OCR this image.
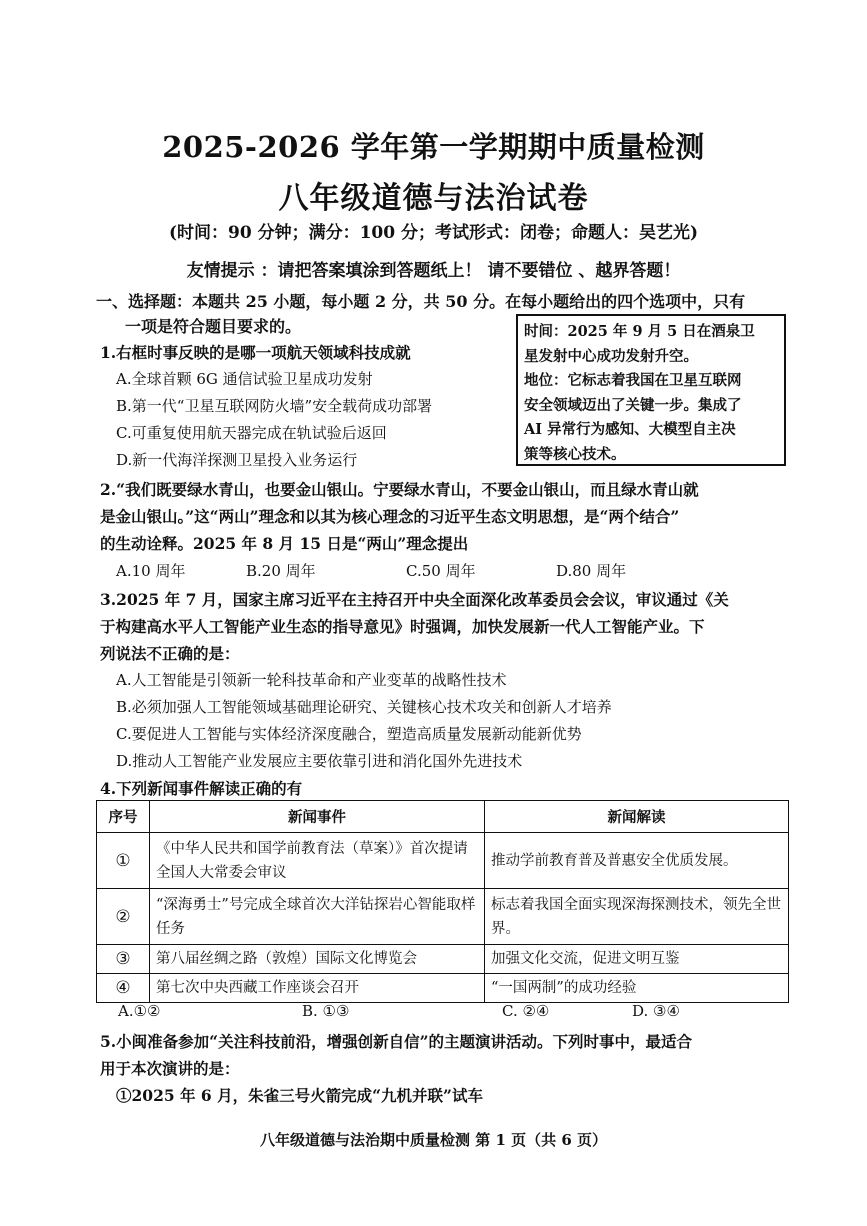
2025-2026 学年第一学期期中质量检测
八年级道德与法治试卷
(时间：90 分钟；满分：100 分；考试形式：闭卷；命题人：吴艺光)
友情提示 ：请把答案填涂到答题纸上！ 请不要错位 、越界答题！
一、选择题：本题共 25 小题，每小题 2 分，共 50 分。在每小题给出的四个选项中，只有
一项是符合题目要求的。	时间：2025 年 9 月 5 日在酒泉卫
星发射中心成功发射升空。
地位：它标志着我国在卫星互联网
安全领域迈出了关键一步。集成了
AI 异常行为感知、大模型自主决
策等核心技术。
1.右框时事反映的是哪一项航天领域科技成就
A.全球首颗 6G 通信试验卫星成功发射
B.第一代“卫星互联网防火墙”安全载荷成功部署
C.可重复使用航天器完成在轨试验后返回
D.新一代海洋探测卫星投入业务运行
2.“我们既要绿水青山，也要金山银山。宁要绿水青山，不要金山银山，而且绿水青山就
是金山银山。”这“两山”理念和以其为核心理念的习近平生态文明思想，是“两个结合”
的生动诠释。2025 年 8 月 15 日是“两山”理念提出
A.10 周年	B.20 周年	C.50 周年	D.80 周年
3.2025 年 7 月，国家主席习近平在主持召开中央全面深化改革委员会会议，审议通过《关
于构建高水平人工智能产业生态的指导意见》时强调，加快发展新一代人工智能产业。下
列说法不正确的是：
A.人工智能是引领新一轮科技革命和产业变革的战略性技术
B.必须加强人工智能领域基础理论研究、关键核心技术攻关和创新人才培养
C.要促进人工智能与实体经济深度融合，塑造高质量发展新动能新优势
D.推动人工智能产业发展应主要依靠引进和消化国外先进技术
4.下列新闻事件解读正确的有
序号	新闻事件	新闻解读
①	《中华人民共和国学前教育法（草案）》首次提请全国人大常委会审议	推动学前教育普及普惠安全优质发展。
②	“深海勇士”号完成全球首次大洋钻探岩心智能取样任务	标志着我国全面实现深海探测技术，领先全世界。
③	第八届丝绸之路（敦煌）国际文化博览会	加强文化交流，促进文明互鉴
④	第七次中央西藏工作座谈会召开	“一国两制”的成功经验
A.①②	B. ①③	C. ②④	D. ③④
5.小闽准备参加“关注科技前沿，增强创新自信”的主题演讲活动。下列时事中，最适合
用于本次演讲的是：
①2025 年 6 月，朱雀三号火箭完成“九机并联”试车
八年级道德与法治期中质量检测 第 1 页（共 6 页）
